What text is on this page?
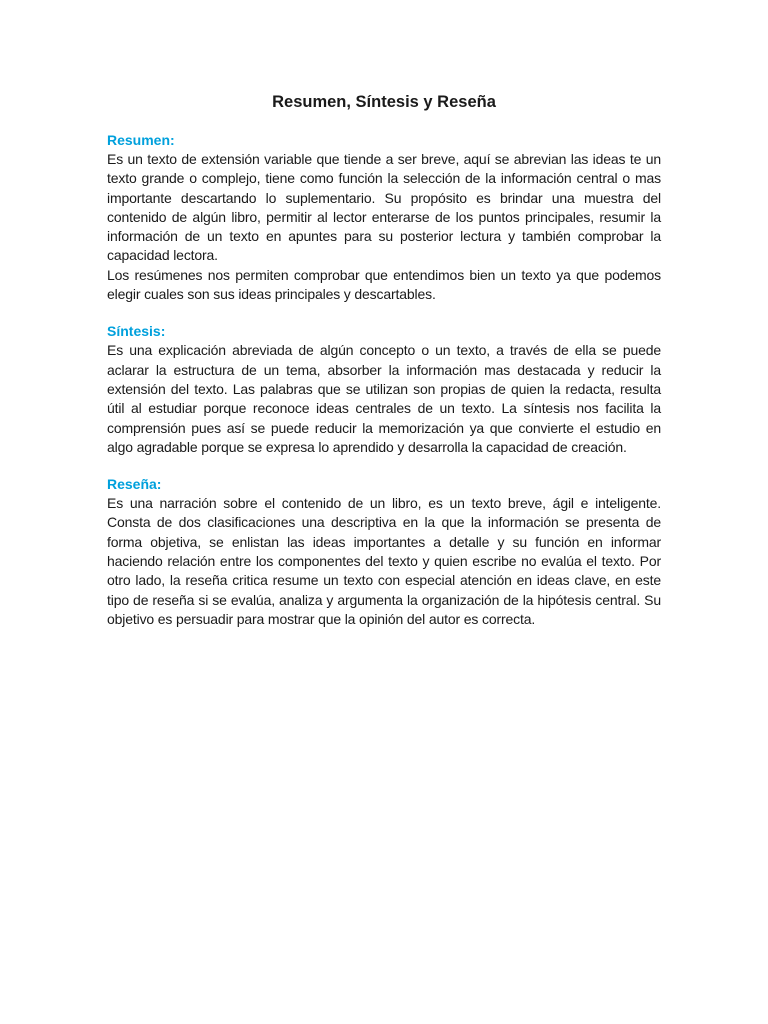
Resumen, Síntesis y Reseña
Resumen:

Es un texto de extensión variable que tiende a ser breve, aquí se abrevian las ideas te un texto grande o complejo, tiene como función la selección de la información central o mas importante descartando lo suplementario. Su propósito es brindar una muestra del contenido de algún libro, permitir al lector enterarse de los puntos principales, resumir la información de un texto en apuntes para su posterior lectura y también comprobar la capacidad lectora.

Los resúmenes nos permiten comprobar que entendimos bien un texto ya que podemos elegir cuales son sus ideas principales y descartables.

Síntesis:

Es una explicación abreviada de algún concepto o un texto, a través de ella se puede aclarar la estructura de un tema, absorber la información mas destacada y reducir la extensión del texto. Las palabras que se utilizan son propias de quien la redacta, resulta útil al estudiar porque reconoce ideas centrales de un texto. La síntesis nos facilita la comprensión pues así se puede reducir la memorización ya que convierte el estudio en algo agradable porque se expresa lo aprendido y desarrolla la capacidad de creación.

Reseña:

Es una narración sobre el contenido de un libro, es un texto breve, ágil e inteligente. Consta de dos clasificaciones una descriptiva en la que la información se presenta de forma objetiva, se enlistan las ideas importantes a detalle y su función en informar haciendo relación entre los componentes del texto y quien escribe no evalúa el texto. Por otro lado, la reseña critica resume un texto con especial atención en ideas clave, en este tipo de reseña si se evalúa, analiza y argumenta la organización de la hipótesis central. Su objetivo es persuadir para mostrar que la opinión del autor es correcta.
